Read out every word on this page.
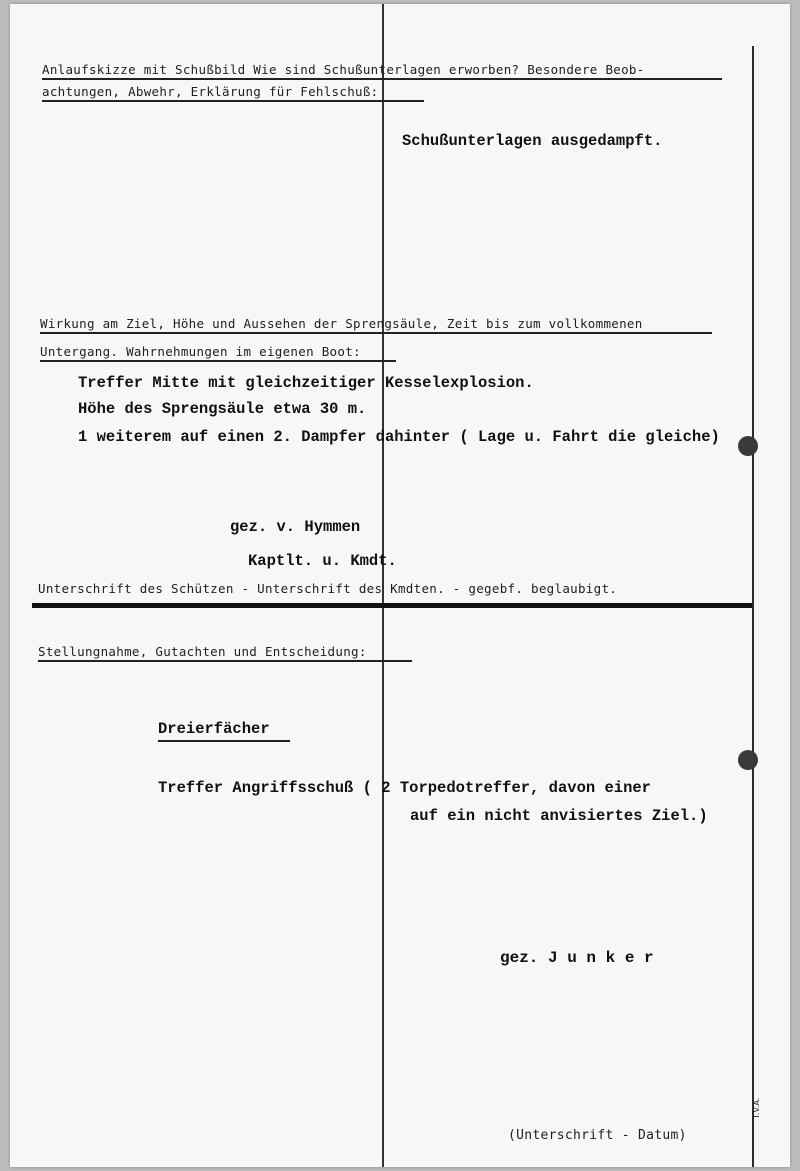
Anlaufskizze mit Schußbild Wie sind Schußunterlagen erworben? Besondere Beob-
achtungen, Abwehr, Erklärung für Fehlschuß:
Schußunterlagen ausgedampft.
Wirkung am Ziel, Höhe und Aussehen der Sprengsäule, Zeit bis zum vollkommenen
Untergang. Wahrnehmungen im eigenen Boot:
Treffer Mitte mit gleichzeitiger Kesselexplosion.
Höhe des Sprengsäule etwa 30 m.
1 weiterem auf einen 2. Dampfer dahinter ( Lage u. Fahrt die gleiche)
gez. v. Hymmen
Kaptlt. u. Kmdt.
Unterschrift des Schützen - Unterschrift des Kmdten. - gegebf. beglaubigt.
Stellungnahme, Gutachten und Entscheidung:
Dreierfächer
Treffer Angriffsschuß ( 2 Torpedotreffer, davon einer
auf ein nicht anvisiertes Ziel.)
gez. J u n k e r
T.V.A.
(Unterschrift - Datum)
